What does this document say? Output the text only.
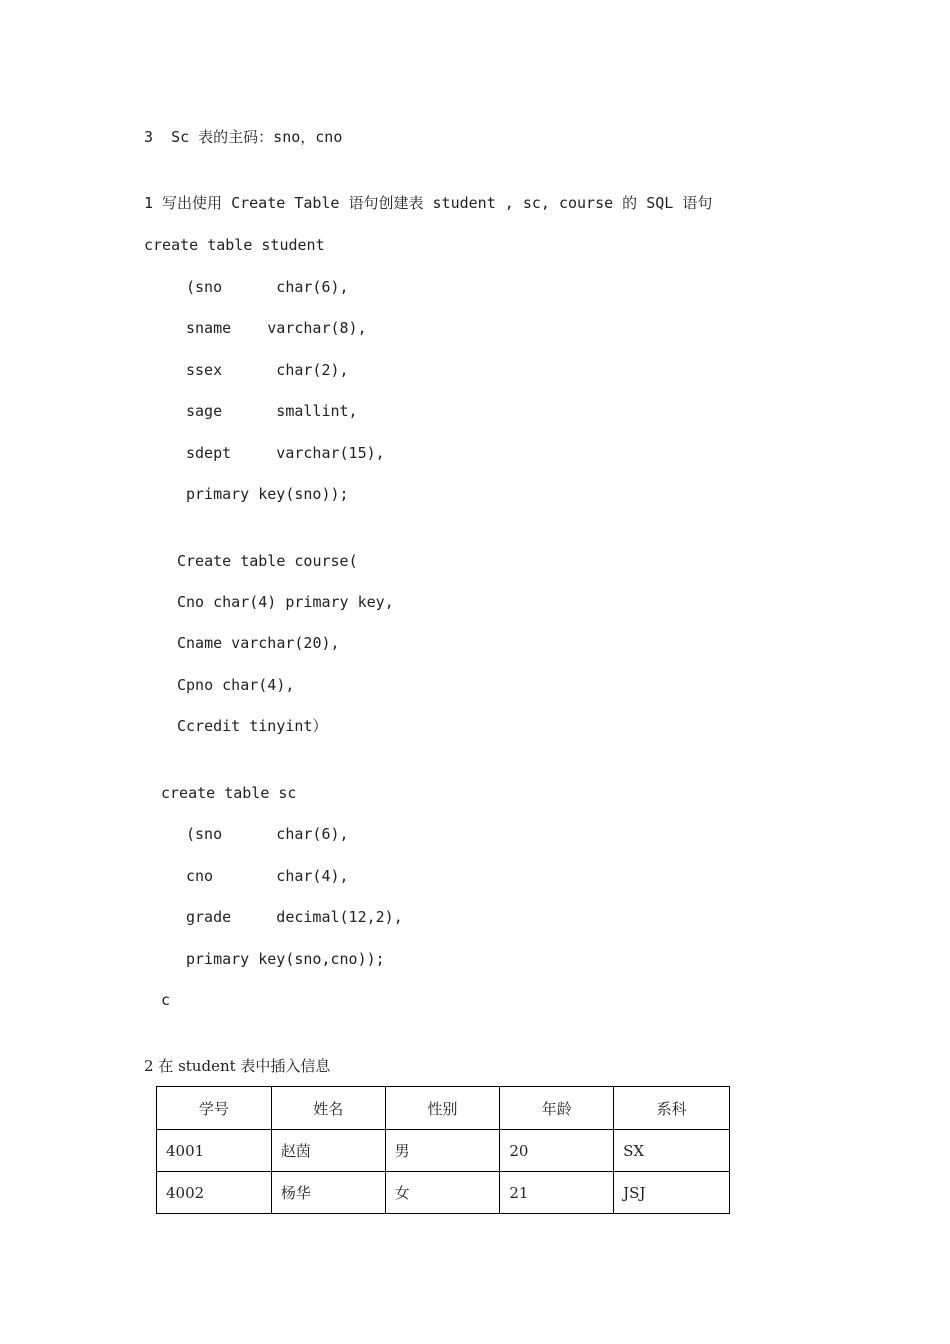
3  Sc 表的主码：sno，cno
1 写出使用 Create Table 语句创建表 student , sc, course 的 SQL 语句
create table student
(sno      char(6),
sname    varchar(8),
ssex      char(2),
sage      smallint,
sdept     varchar(15),
primary key(sno));
Create table course(
Cno char(4) primary key,
Cname varchar(20),
Cpno char(4),
Ccredit tinyint）
create table sc
(sno      char(6),
cno       char(4),
grade     decimal(12,2),
primary key(sno,cno));
c
2 在 student 表中插入信息
学号	姓名	性别	年龄	系科
4001	赵茵	男	20	SX
4002	杨华	女	21	JSJ
